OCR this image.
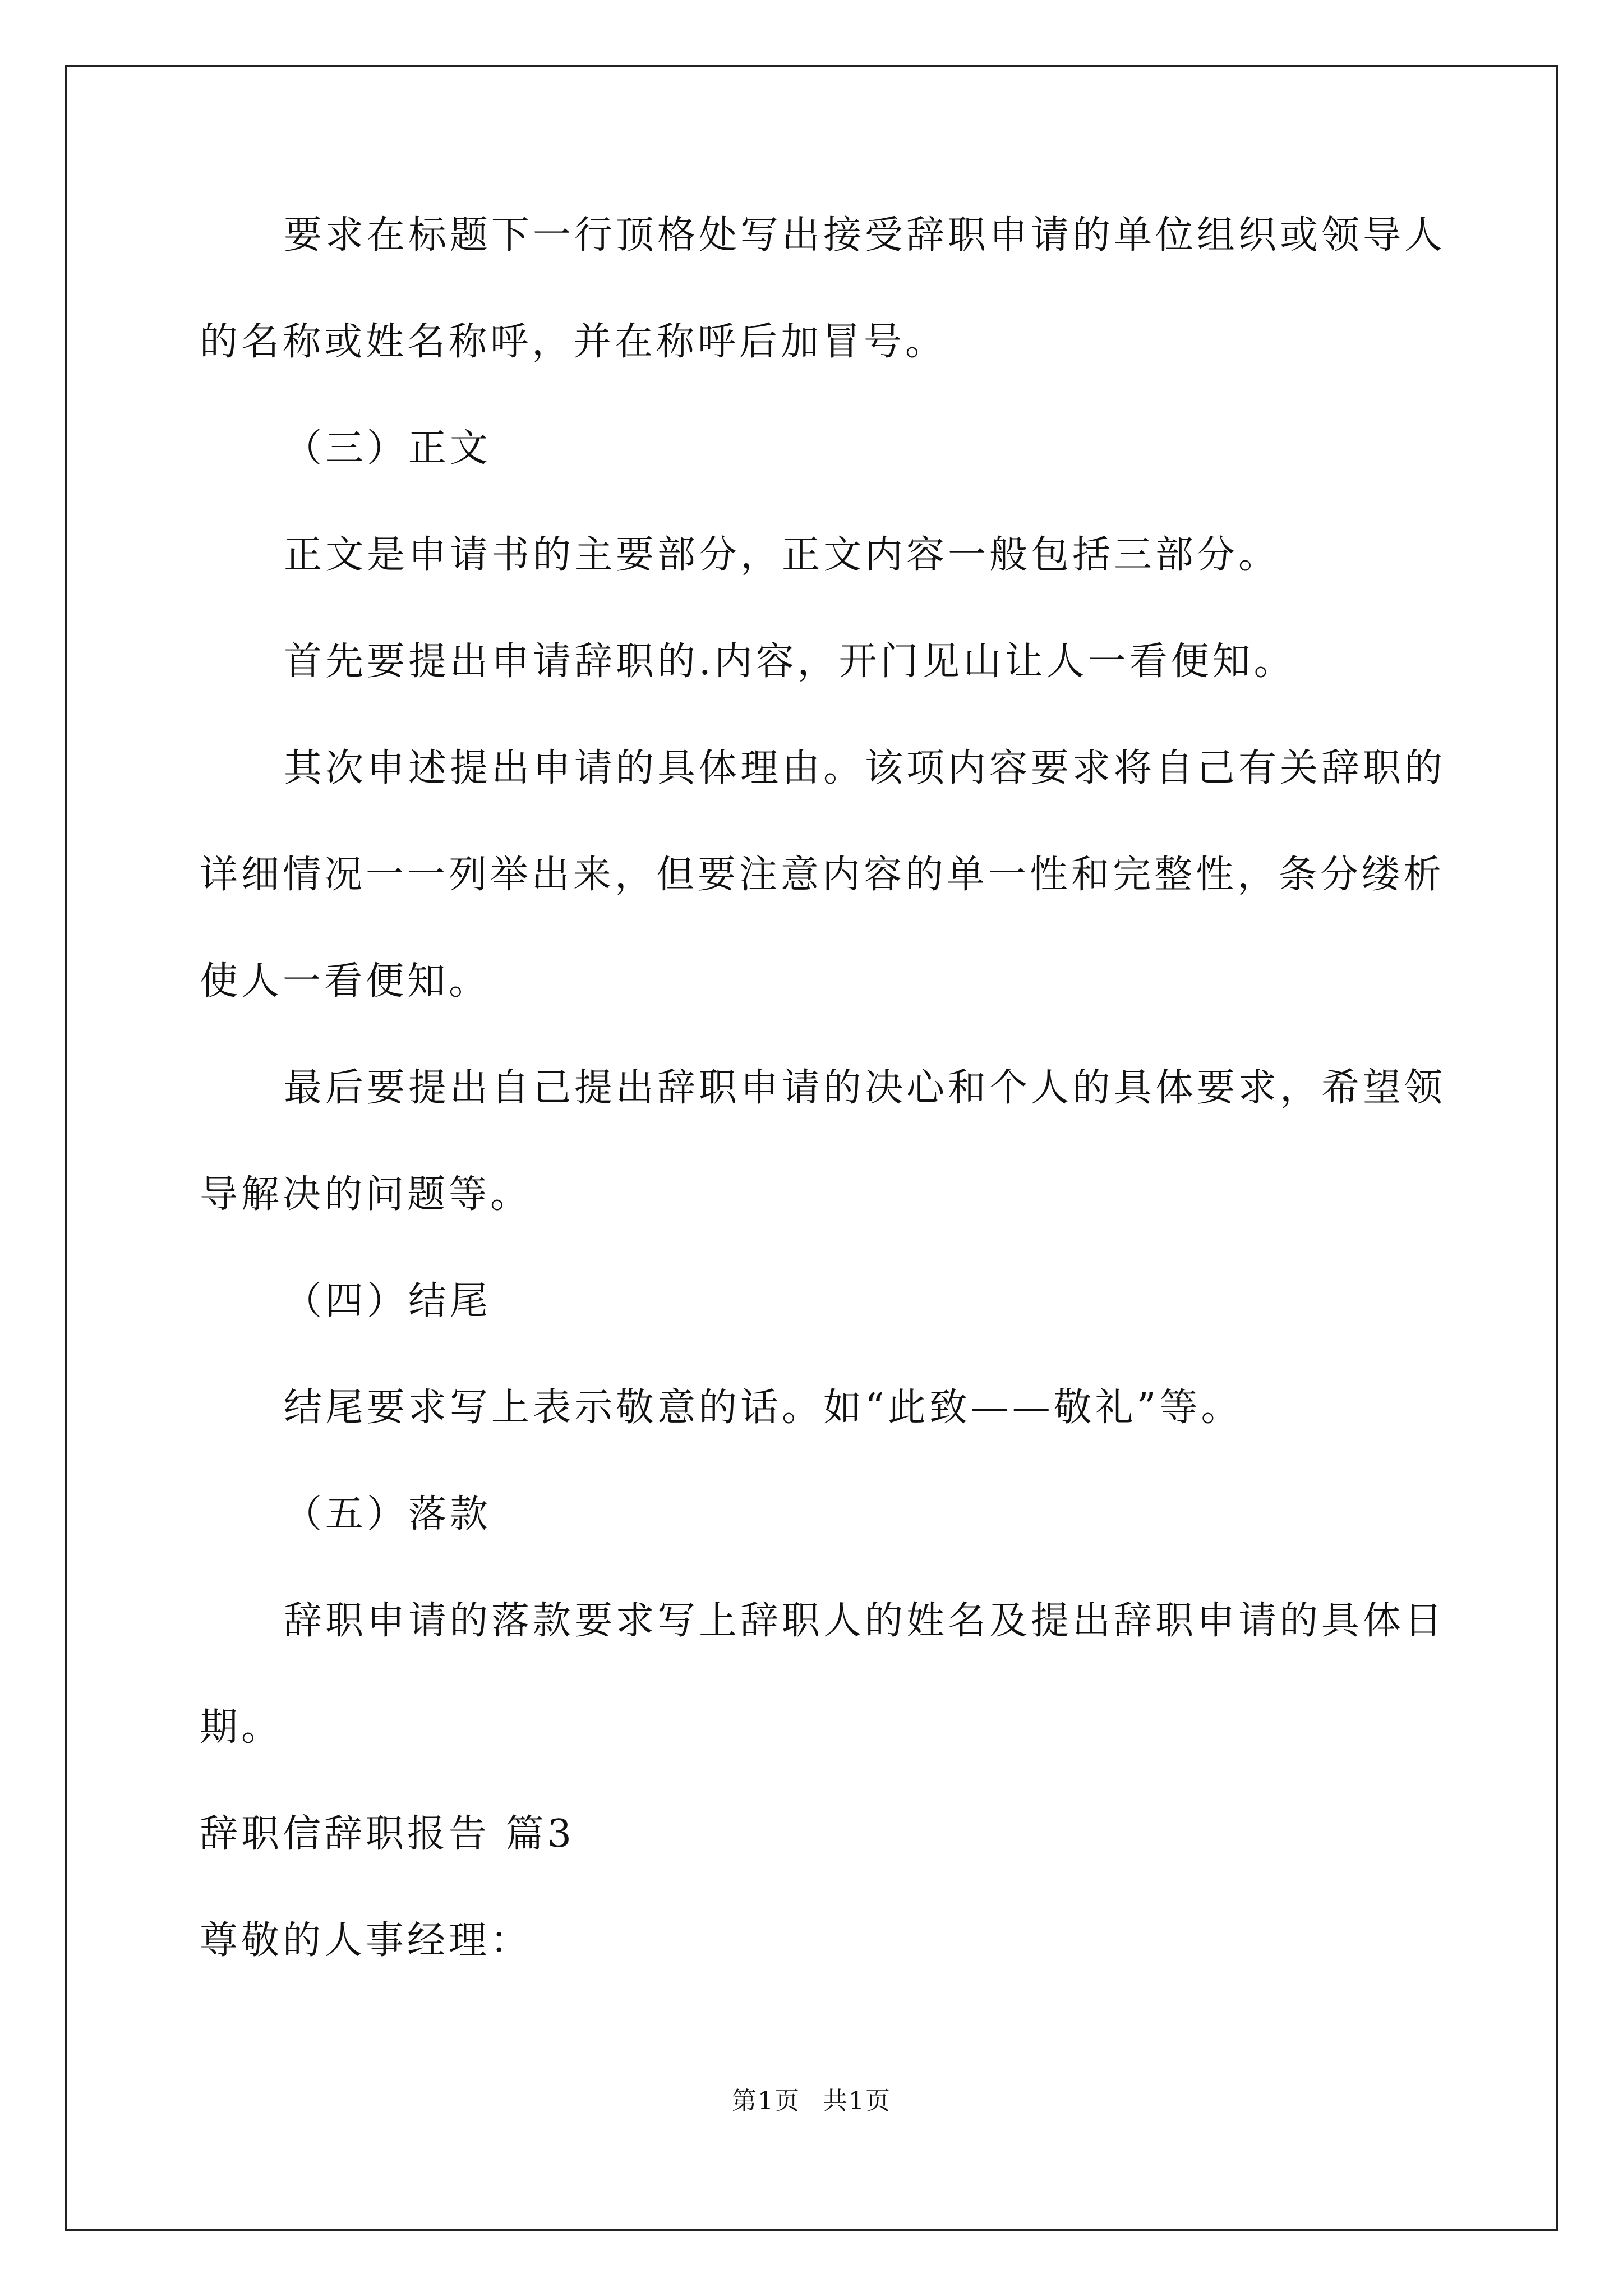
要求在标题下一行顶格处写出接受辞职申请的单位组织或领导人
的名称或姓名称呼，并在称呼后加冒号。
（三）正文
正文是申请书的主要部分，正文内容一般包括三部分。
首先要提出申请辞职的.内容，开门见山让人一看便知。
其次申述提出申请的具体理由。该项内容要求将自己有关辞职的
详细情况一一列举出来，但要注意内容的单一性和完整性，条分缕析
使人一看便知。
最后要提出自己提出辞职申请的决心和个人的具体要求，希望领
导解决的问题等。
（四）结尾
结尾要求写上表示敬意的话。如“此致——敬礼”等。
（五）落款
辞职申请的落款要求写上辞职人的姓名及提出辞职申请的具体日
期。
辞职信辞职报告 篇3
尊敬的人事经理：
第1页 共1页
